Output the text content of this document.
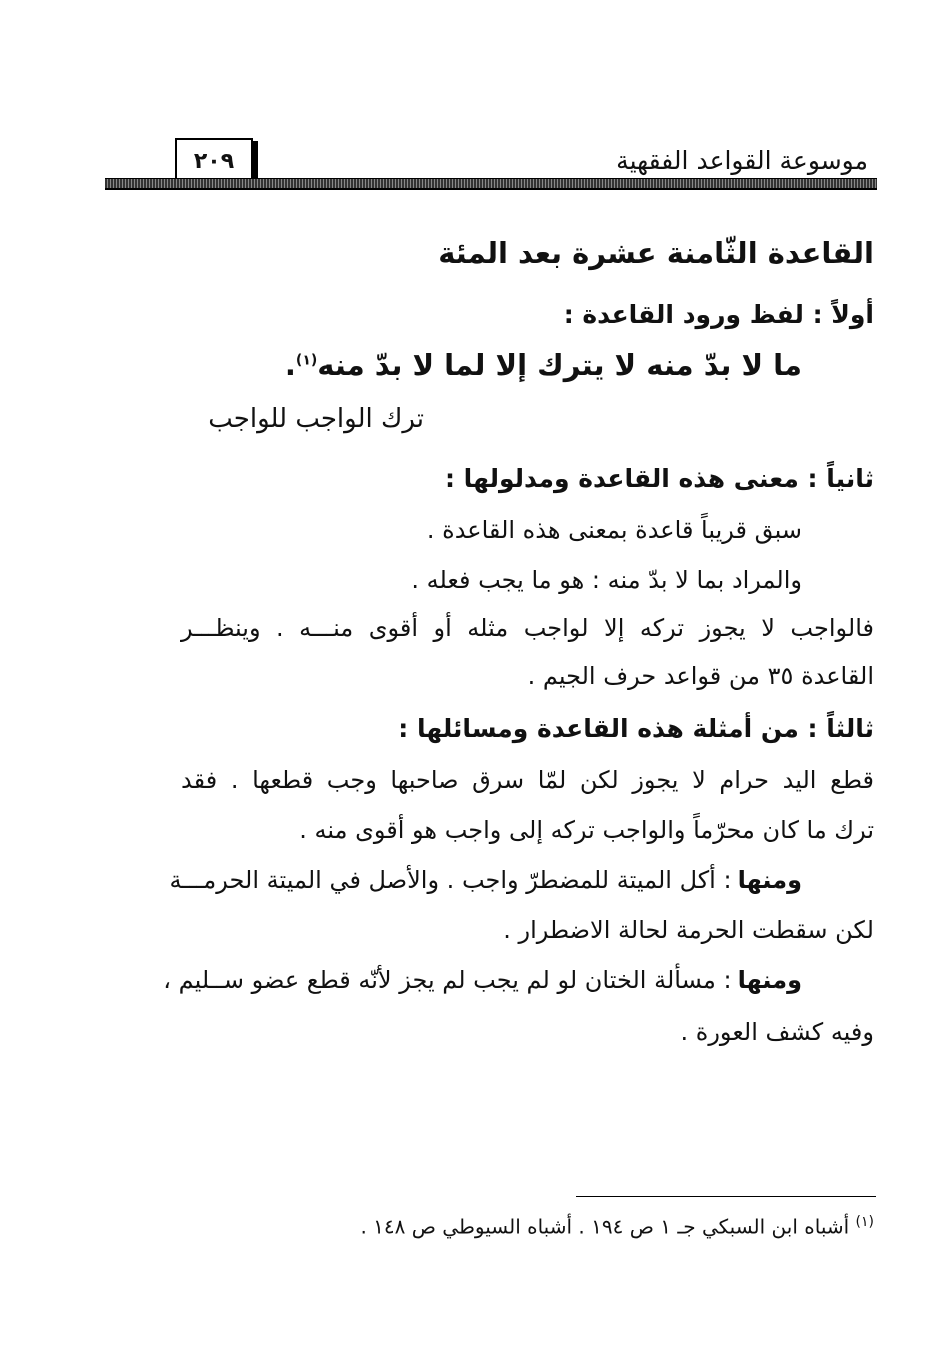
موسوعة القواعد الفقهية
٢٠٩
القاعدة الثّامنة عشرة بعد المئة
أولاً : لفظ ورود القاعدة :
ما لا بدّ منه لا يترك إلا لما لا بدّ منه$^{(١)}$.
ترك الواجب للواجب
ثانياً : معنى هذه القاعدة ومدلولها :
سبق قريباً قاعدة بمعنى هذه القاعدة .
والمراد بما لا بدّ منه : هو ما يجب فعله .
فالواجب لا يجوز تركه إلا لواجب مثله أو أقوى منـــه . وينظـــر
القاعدة ٣٥ من قواعد حرف الجيم .
ثالثاً : من أمثلة هذه القاعدة ومسائلها :
قطع اليد حرام لا يجوز لكن لمّا سرق صاحبها وجب قطعها . فقد
ترك ما كان محرّماً والواجب تركه إلى واجب هو أقوى منه .
ومنها
: أكل الميتة للمضطرّ واجب . والأصل في الميتة الحرمـــة
لكن سقطت الحرمة لحالة الاضطرار .
ومنها
: مسألة الختان لو لم يجب لم يجز لأنّه قطع عضو ســليم ،
وفيه كشف العورة .
$^{(١)}$ أشباه ابن السبكي جـ ١ ص ١٩٤ . أشباه السيوطي ص ١٤٨ .
